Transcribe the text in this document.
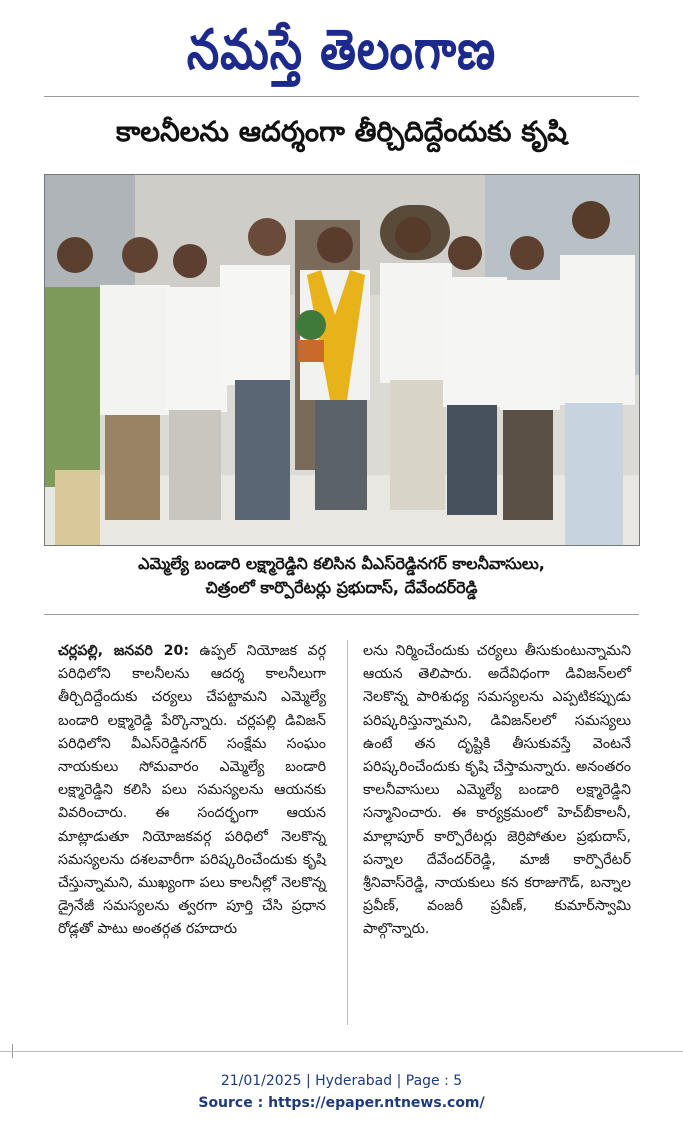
నమస్తే తెలంగాణ
కాలనీలను ఆదర్శంగా తీర్చిదిద్దేందుకు కృషి
ఎమ్మెల్యే బండారి లక్ష్మారెడ్డిని కలిసిన వీఎస్‌రెడ్డినగర్ కాలనీవాసులు,
చిత్రంలో కార్పొరేటర్లు ప్రభుదాస్, దేవేందర్‌రెడ్డి
చర్లపల్లి, జనవరి 20: ఉప్పల్ నియోజక వర్గ పరిధిలోని కాలనీలను ఆదర్శ కాలనీలుగా తీర్చిదిద్దేందుకు చర్యలు చేపట్టామని ఎమ్మెల్యే బండారి లక్ష్మారెడ్డి పేర్కొన్నారు. చర్లపల్లి డివిజన్ పరిధిలోని వీఎస్‌రెడ్డినగర్ సంక్షేమ సంఘం నాయకులు సోమవారం ఎమ్మెల్యే బండారి లక్ష్మారెడ్డిని కలిసి పలు సమస్యలను ఆయనకు వివరించారు. ఈ సందర్భంగా ఆయన మాట్లాడుతూ నియోజకవర్గ పరిధిలో నెలకొన్న సమస్యలను దశలవారీగా పరిష్కరించేందుకు కృషి చేస్తున్నామని, ముఖ్యంగా పలు కాలనీల్లో నెలకొన్న డ్రైనేజీ సమస్యలను త్వరగా పూర్తి చేసి ప్రధాన రోడ్లతో పాటు అంతర్గత రహదారు
లను నిర్మించేందుకు చర్యలు తీసుకుంటున్నామని ఆయన తెలిపారు. అదేవిధంగా డివిజన్‌లలో నెలకొన్న పారిశుధ్య సమస్యలను ఎప్పటికప్పుడు పరిష్కరిస్తున్నామని, డివిజన్‌లలో సమస్యలు ఉంటే తన దృష్టికి తీసుకువస్తే వెంటనే పరిష్కరించేందుకు కృషి చేస్తామన్నారు. అనంతరం కాలనీవాసులు ఎమ్మెల్యే బండారి లక్ష్మారెడ్డిని సన్మానించారు. ఈ కార్యక్రమంలో హెచ్‌బీకాలనీ, మాల్లాపూర్ కార్పొరేటర్లు జెర్రిపోతుల ప్రభుదాస్, పన్నాల దేవేందర్‌రెడ్డి, మాజీ కార్పొరేటర్ శ్రీనివాస్‌రెడ్డి, నాయకులు కన కరాజుగౌడ్, బన్నాల ప్రవీణ్, వంజరీ ప్రవీణ్, కుమార్‌స్వామి పాల్గొన్నారు.
21/01/2025 | Hyderabad | Page : 5
Source : https://epaper.ntnews.com/
